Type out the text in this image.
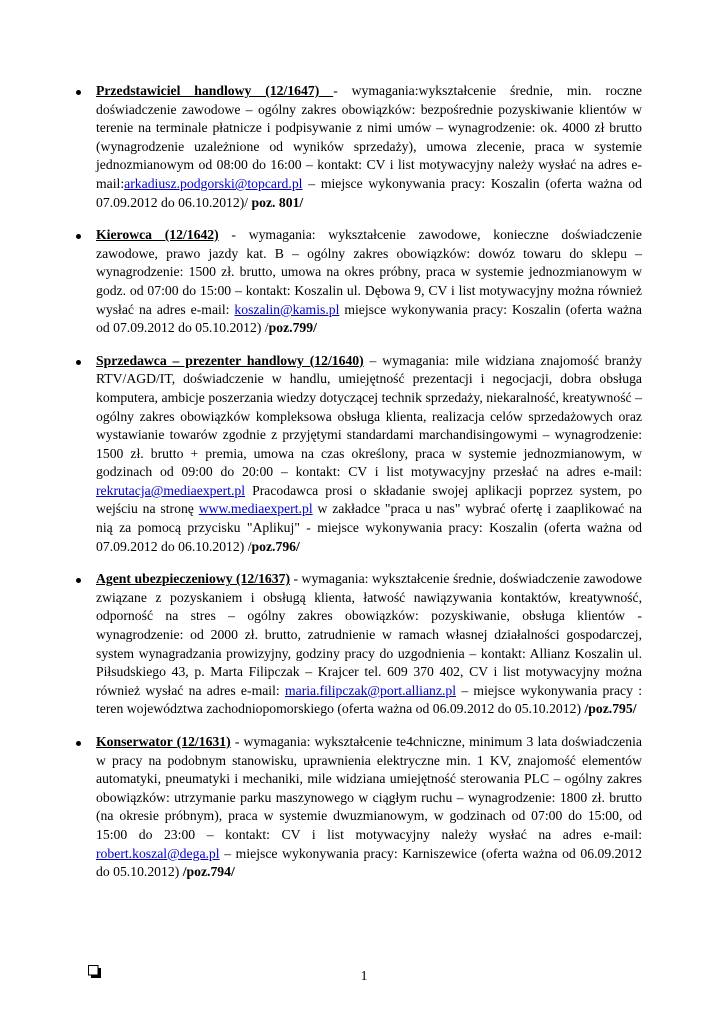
Przedstawiciel handlowy (12/1647) - wymagania:wykształcenie średnie, min. roczne doświadczenie zawodowe – ogólny zakres obowiązków: bezpośrednie pozyskiwanie klientów w terenie na terminale płatnicze i podpisywanie z nimi umów – wynagrodzenie: ok. 4000 zł brutto (wynagrodzenie uzależnione od wyników sprzedaży), umowa zlecenie, praca w systemie jednozmianowym od 08:00 do 16:00 – kontakt: CV i list motywacyjny należy wysłać na adres e-mail:arkadiusz.podgorski@topcard.pl – miejsce wykonywania pracy: Koszalin (oferta ważna od 07.09.2012 do 06.10.2012)/ poz. 801/

Kierowca (12/1642) - wymagania: wykształcenie zawodowe, konieczne doświadczenie zawodowe, prawo jazdy kat. B – ogólny zakres obowiązków: dowóz towaru do sklepu – wynagrodzenie: 1500 zł. brutto, umowa na okres próbny, praca w systemie jednozmianowym w godz. od 07:00 do 15:00 – kontakt: Koszalin ul. Dębowa 9, CV i list motywacyjny można również wysłać na adres e-mail: koszalin@kamis.pl miejsce wykonywania pracy: Koszalin (oferta ważna od 07.09.2012 do 05.10.2012) /poz.799/

Sprzedawca – prezenter handlowy (12/1640) – wymagania: mile widziana znajomość branży RTV/AGD/IT, doświadczenie w handlu, umiejętność prezentacji i negocjacji, dobra obsługa komputera, ambicje poszerzania wiedzy dotyczącej technik sprzedaży, niekaralność, kreatywność – ogólny zakres obowiązków kompleksowa obsługa klienta, realizacja celów sprzedażowych oraz wystawianie towarów zgodnie z przyjętymi standardami marchandisingowymi – wynagrodzenie: 1500 zł. brutto + premia, umowa na czas określony, praca w systemie jednozmianowym, w godzinach od 09:00 do 20:00 – kontakt: CV i list motywacyjny przesłać na adres e-mail: rekrutacja@mediaexpert.pl Pracodawca prosi o składanie swojej aplikacji poprzez system, po wejściu na stronę www.mediaexpert.pl w zakładce "praca u nas" wybrać ofertę i zaaplikować na nią za pomocą przycisku "Aplikuj" - miejsce wykonywania pracy: Koszalin (oferta ważna od 07.09.2012 do 06.10.2012) /poz.796/

Agent ubezpieczeniowy (12/1637) - wymagania: wykształcenie średnie, doświadczenie zawodowe związane z pozyskaniem i obsługą klienta, łatwość nawiązywania kontaktów, kreatywność, odporność na stres – ogólny zakres obowiązków: pozyskiwanie, obsługa klientów - wynagrodzenie: od 2000 zł. brutto, zatrudnienie w ramach własnej działalności gospodarczej, system wynagradzania prowizyjny, godziny pracy do uzgodnienia – kontakt: Allianz Koszalin ul. Piłsudskiego 43, p. Marta Filipczak – Krajcer tel. 609 370 402, CV i list motywacyjny można również wysłać na adres e-mail: maria.filipczak@port.allianz.pl – miejsce wykonywania pracy : teren województwa zachodniopomorskiego (oferta ważna od 06.09.2012 do 05.10.2012) /poz.795/

Konserwator (12/1631) - wymagania: wykształcenie te4chniczne, minimum 3 lata doświadczenia w pracy na podobnym stanowisku, uprawnienia elektryczne min. 1 KV, znajomość elementów automatyki, pneumatyki i mechaniki, mile widziana umiejętność sterowania PLC – ogólny zakres obowiązków: utrzymanie parku maszynowego w ciągłym ruchu – wynagrodzenie: 1800 zł. brutto (na okresie próbnym), praca w systemie dwuzmianowym, w godzinach od 07:00 do 15:00, od 15:00 do 23:00 – kontakt: CV i list motywacyjny należy wysłać na adres e-mail: robert.koszal@dega.pl – miejsce wykonywania pracy: Karniszewice (oferta ważna od 06.09.2012 do 05.10.2012) /poz.794/

1
